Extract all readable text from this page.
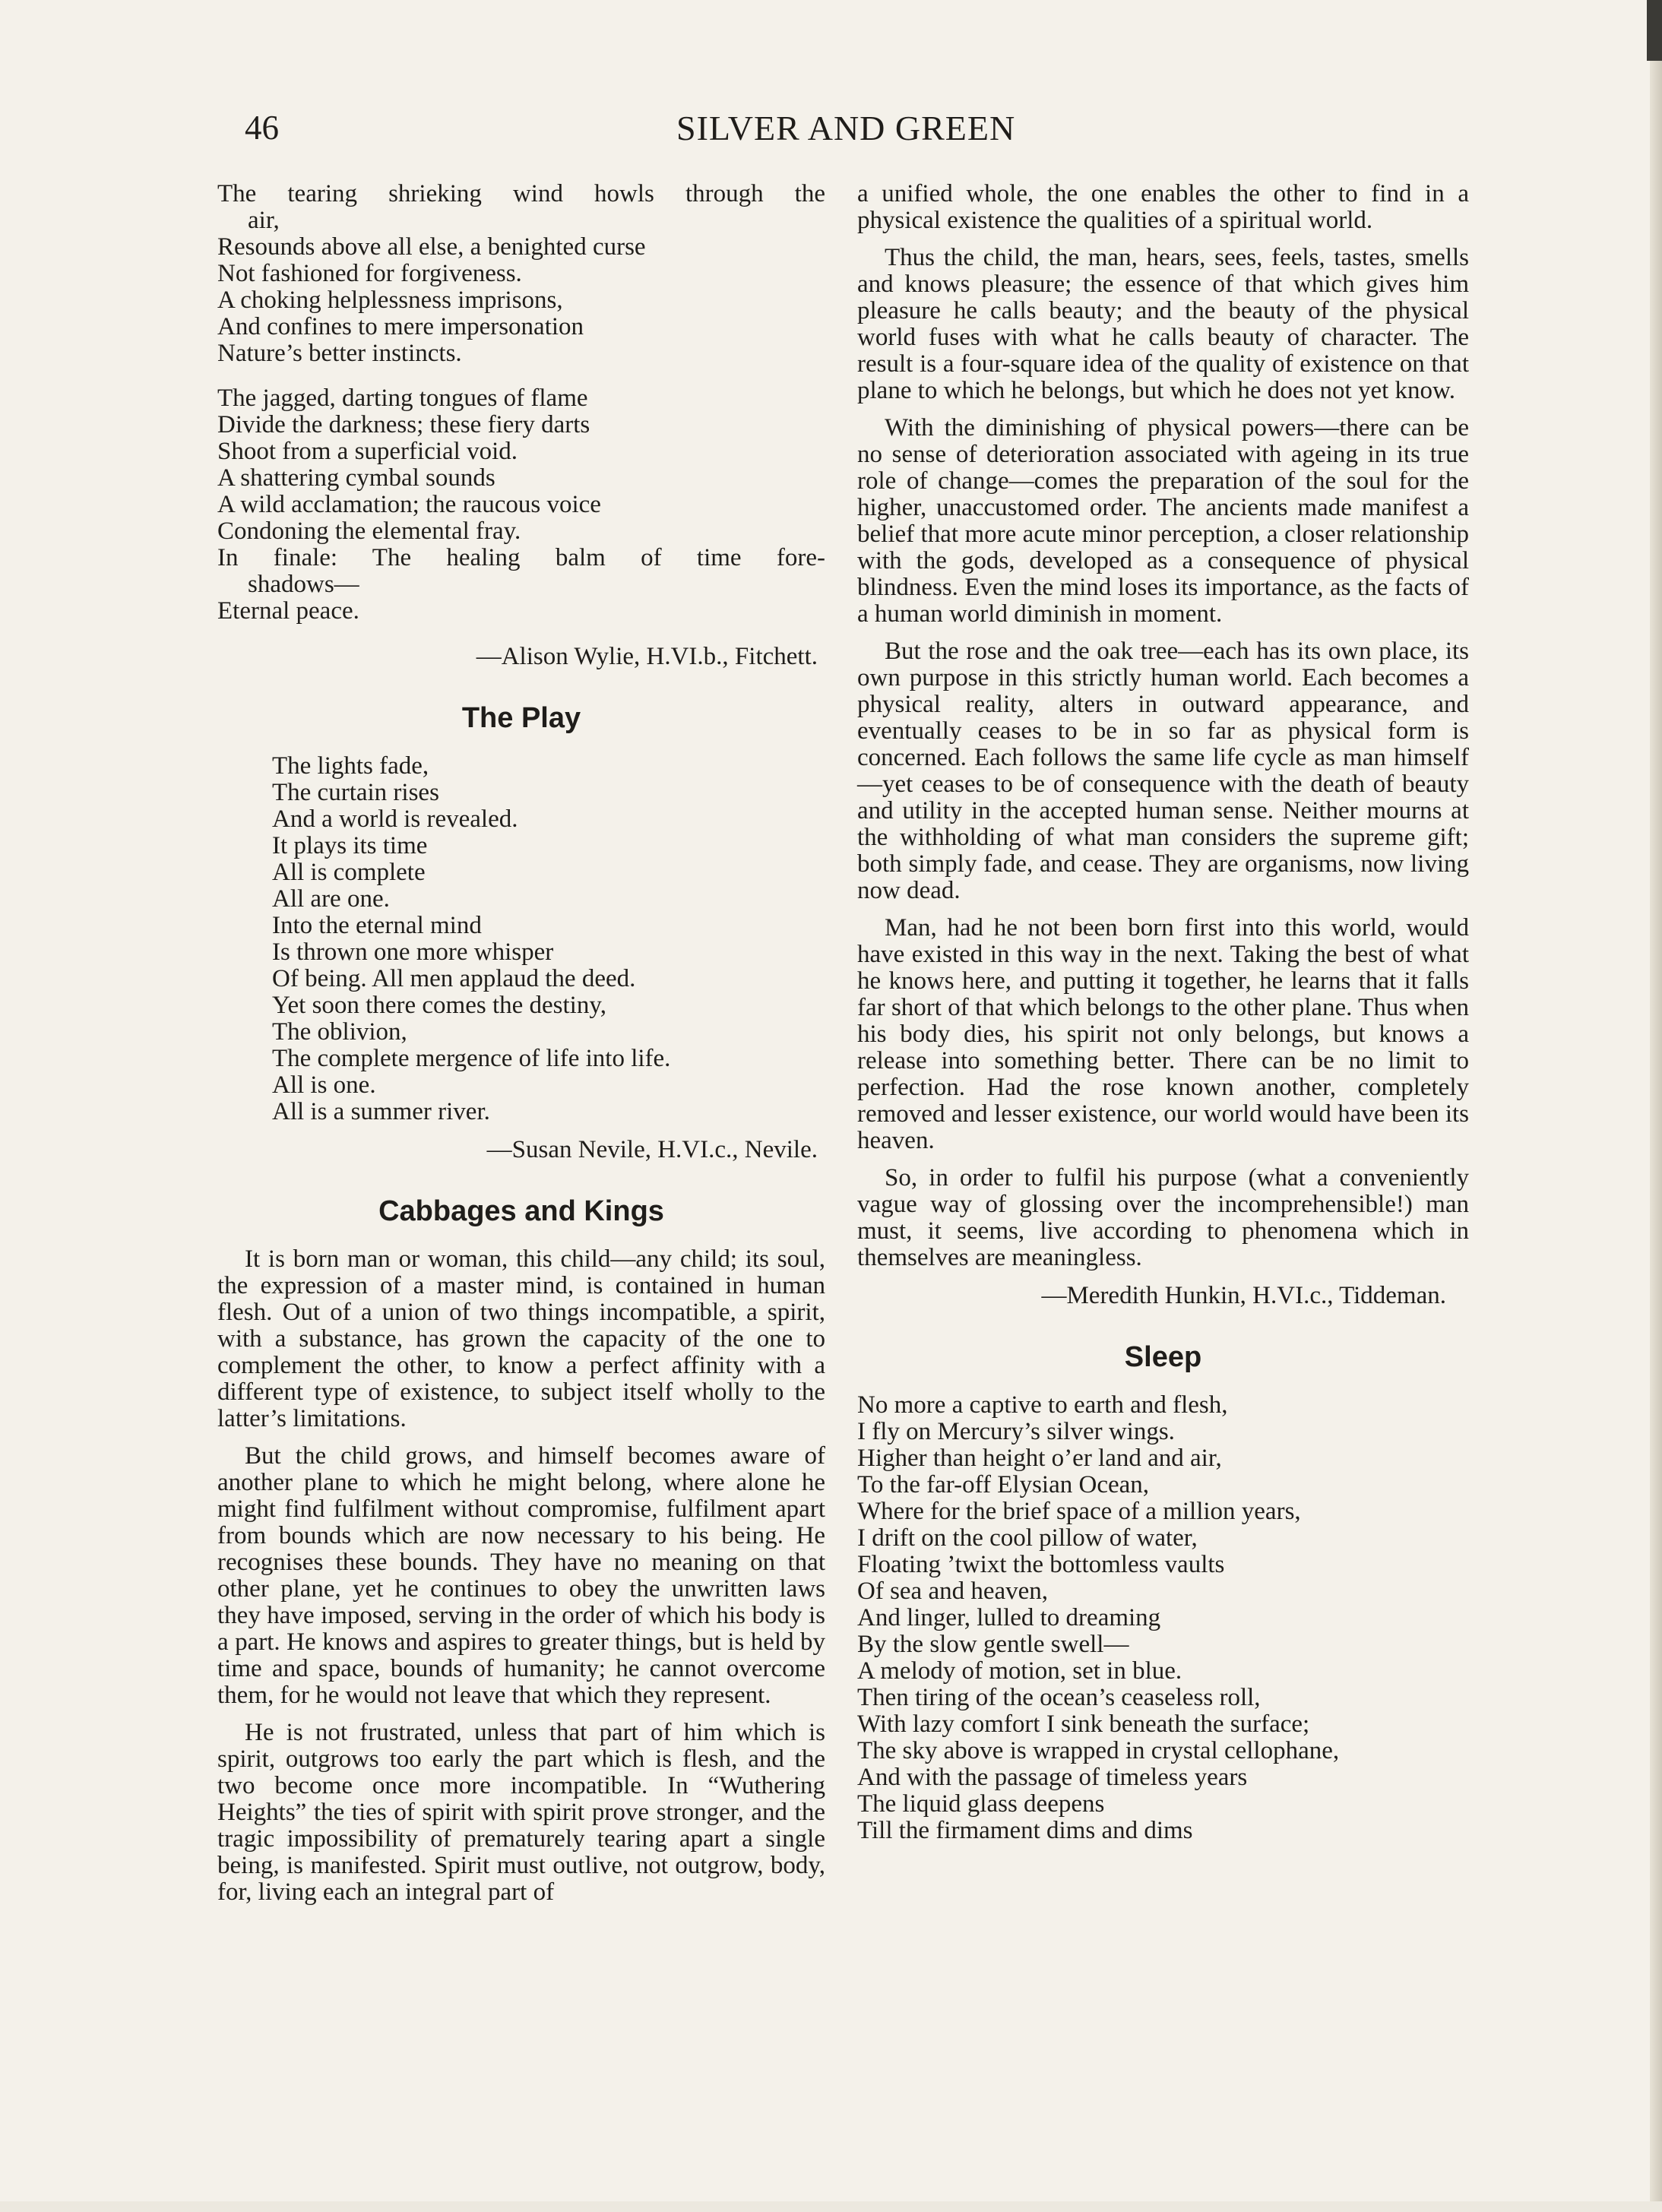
46	SILVER AND GREEN
The tearing shrieking wind howls through the
air,
Resounds above all else, a benighted curse
Not fashioned for forgiveness.
A choking helplessness imprisons,
And confines to mere impersonation
Nature’s better instincts.
The jagged, darting tongues of flame
Divide the darkness; these fiery darts
Shoot from a superficial void.
A shattering cymbal sounds
A wild acclamation; the raucous voice
Condoning the elemental fray.
In finale: The healing balm of time fore-
shadows—
Eternal peace.
—Alison Wylie, H.VI.b., Fitchett.
The Play
The lights fade,
The curtain rises
And a world is revealed.
It plays its time
All is complete
All are one.
Into the eternal mind
Is thrown one more whisper
Of being. All men applaud the deed.
Yet soon there comes the destiny,
The oblivion,
The complete mergence of life into life.
All is one.
All is a summer river.
—Susan Nevile, H.VI.c., Nevile.
Cabbages and Kings

It is born man or woman, this child—any child; its soul, the expression of a master mind, is contained in human flesh. Out of a union of two things incompatible, a spirit, with a substance, has grown the capacity of the one to complement the other, to know a perfect affinity with a different type of existence, to subject itself wholly to the latter’s limitations.

But the child grows, and himself becomes aware of another plane to which he might belong, where alone he might find fulfilment without compromise, fulfilment apart from bounds which are now necessary to his being. He recognises these bounds. They have no meaning on that other plane, yet he continues to obey the unwritten laws they have imposed, serving in the order of which his body is a part. He knows and aspires to greater things, but is held by time and space, bounds of humanity; he cannot overcome them, for he would not leave that which they represent.

He is not frustrated, unless that part of him which is spirit, outgrows too early the part which is flesh, and the two become once more incompatible. In “Wuthering Heights” the ties of spirit with spirit prove stronger, and the tragic impossibility of prematurely tearing apart a single being, is manifested. Spirit must outlive, not outgrow, body, for, living each an integral part of

a unified whole, the one enables the other to find in a physical existence the qualities of a spiritual world.

Thus the child, the man, hears, sees, feels, tastes, smells and knows pleasure; the essence of that which gives him pleasure he calls beauty; and the beauty of the physical world fuses with what he calls beauty of character. The result is a four-square idea of the quality of existence on that plane to which he belongs, but which he does not yet know.

With the diminishing of physical powers—there can be no sense of deterioration associated with ageing in its true role of change—comes the preparation of the soul for the higher, unaccustomed order. The ancients made manifest a belief that more acute minor perception, a closer relationship with the gods, developed as a consequence of physical blindness. Even the mind loses its importance, as the facts of a human world diminish in moment.

But the rose and the oak tree—each has its own place, its own purpose in this strictly human world. Each becomes a physical reality, alters in outward appearance, and eventually ceases to be in so far as physical form is concerned. Each follows the same life cycle as man himself—yet ceases to be of consequence with the death of beauty and utility in the accepted human sense. Neither mourns at the withholding of what man considers the supreme gift; both simply fade, and cease. They are organisms, now living now dead.

Man, had he not been born first into this world, would have existed in this way in the next. Taking the best of what he knows here, and putting it together, he learns that it falls far short of that which belongs to the other plane. Thus when his body dies, his spirit not only belongs, but knows a release into something better. There can be no limit to perfection. Had the rose known another, completely removed and lesser existence, our world would have been its heaven.

So, in order to fulfil his purpose (what a conveniently vague way of glossing over the incomprehensible!) man must, it seems, live according to phenomena which in themselves are meaningless.

—Meredith Hunkin, H.VI.c., Tiddeman.
Sleep
No more a captive to earth and flesh,
I fly on Mercury’s silver wings.
Higher than height o’er land and air,
To the far-off Elysian Ocean,
Where for the brief space of a million years,
I drift on the cool pillow of water,
Floating ’twixt the bottomless vaults
Of sea and heaven,
And linger, lulled to dreaming
By the slow gentle swell—
A melody of motion, set in blue.
Then tiring of the ocean’s ceaseless roll,
With lazy comfort I sink beneath the surface;
The sky above is wrapped in crystal cellophane,
And with the passage of timeless years
The liquid glass deepens
Till the firmament dims and dims
